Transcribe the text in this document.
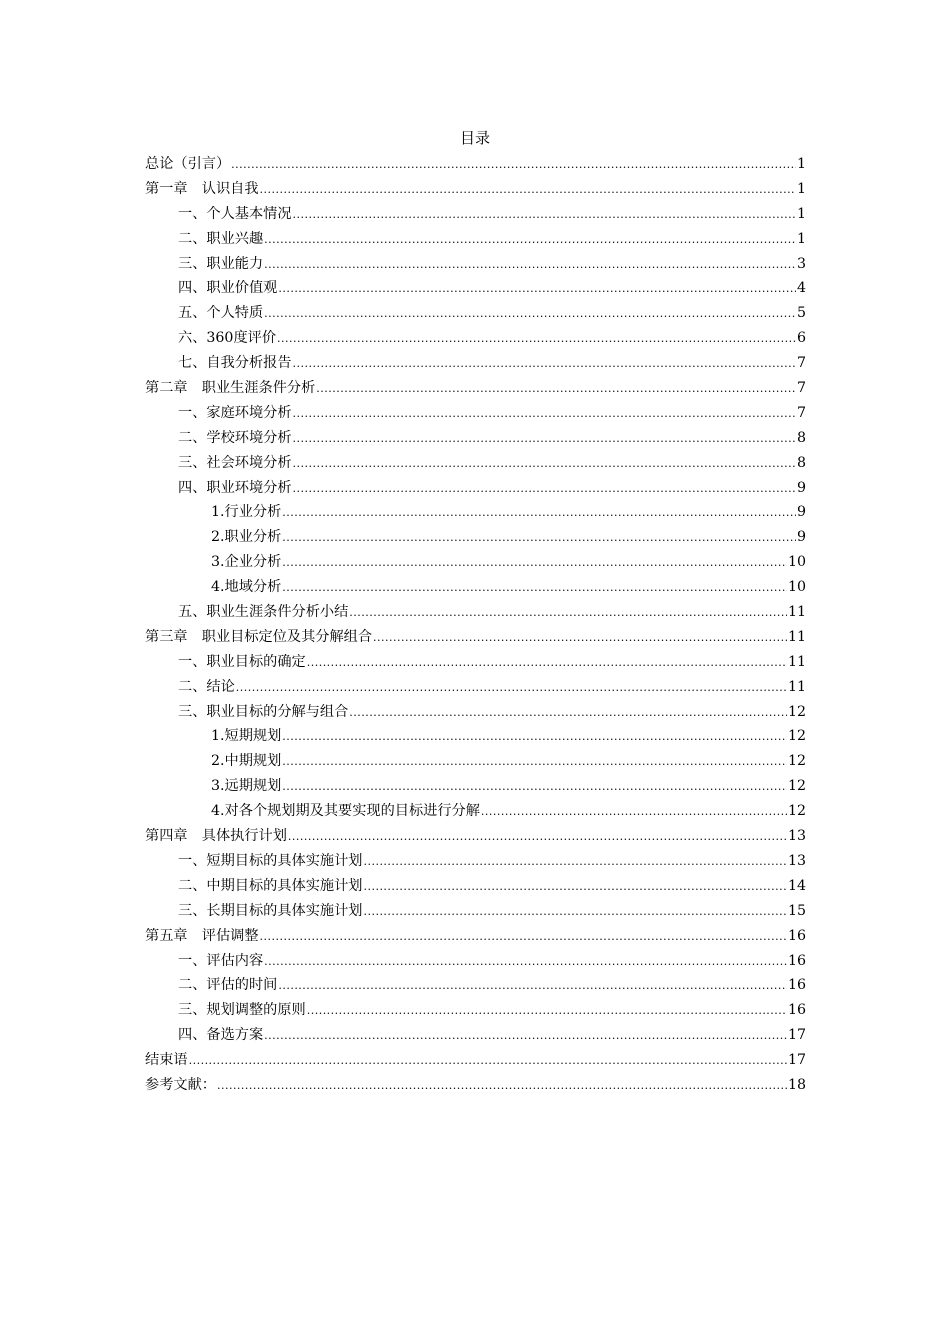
目录
总论（引言） .....	1
第一章　认识自我 .....	1
一、个人基本情况 .....	1
二、职业兴趣 .....	1
三、职业能力 .....	3
四、职业价值观 .....	4
五、个人特质 .....	5
六、360度评价 .....	6
七、自我分析报告 .....	7
第二章　职业生涯条件分析 .....	7
一、家庭环境分析 .....	7
二、学校环境分析 .....	8
三、社会环境分析 .....	8
四、职业环境分析 .....	9
1.行业分析 .....	9
2.职业分析 .....	9
3.企业分析 .....	10
4.地域分析 .....	10
五、职业生涯条件分析小结 .....	11
第三章　职业目标定位及其分解组合 .....	11
一、职业目标的确定 .....	11
二、结论 .....	11
三、职业目标的分解与组合 .....	12
1.短期规划 .....	12
2.中期规划 .....	12
3.远期规划 .....	12
4.对各个规划期及其要实现的目标进行分解 .....	12
第四章　具体执行计划 .....	13
一、短期目标的具体实施计划 .....	13
二、中期目标的具体实施计划 .....	14
三、长期目标的具体实施计划 .....	15
第五章　评估调整 .....	16
一、评估内容 .....	16
二、评估的时间 .....	16
三、规划调整的原则 .....	16
四、备选方案 .....	17
结束语 .....	17
参考文献： .....	18
